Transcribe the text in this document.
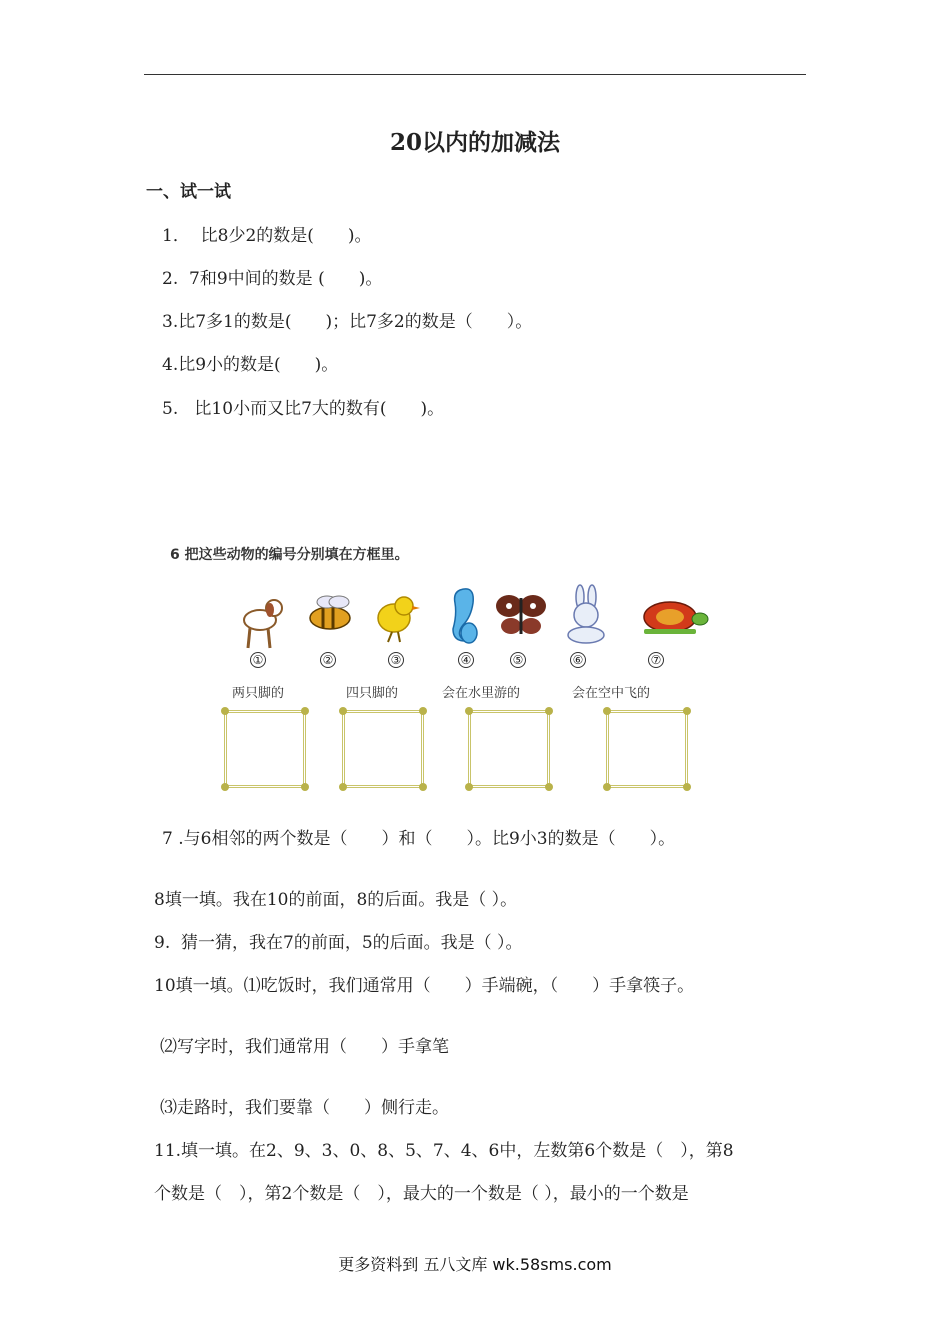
20以内的加减法
一、试一试
1．  比8少2的数是(　　)。
2.  7和9中间的数是 (　　)。
3.比7多1的数是(　　)；比7多2的数是（　　）。
4.比9小的数是(　　)。
5.   比10小而又比7大的数有(　　)。
6 把这些动物的编号分别填在方框里。
①	②	③	④	⑤	⑥	⑦
两只脚的	四只脚的	会在水里游的	会在空中飞的
7 .与6相邻的两个数是（　　）和（　　）。比9小3的数是（　　）。
8填一填。我在10的前面，8的后面。我是（ ）。
9.  猜一猜，我在7的前面，5的后面。我是（ ）。
10填一填。⑴吃饭时，我们通常用（　　）手端碗，（　　）手拿筷子。
⑵写字时，我们通常用（　　）手拿笔
⑶走路时，我们要靠（　　）侧行走。
11.填一填。在2、9、3、0、8、5、7、4、6中，左数第6个数是（　），第8
个数是（　），第2个数是（　），最大的一个数是（ ），最小的一个数是
更多资料到 五八文库 wk.58sms.com
